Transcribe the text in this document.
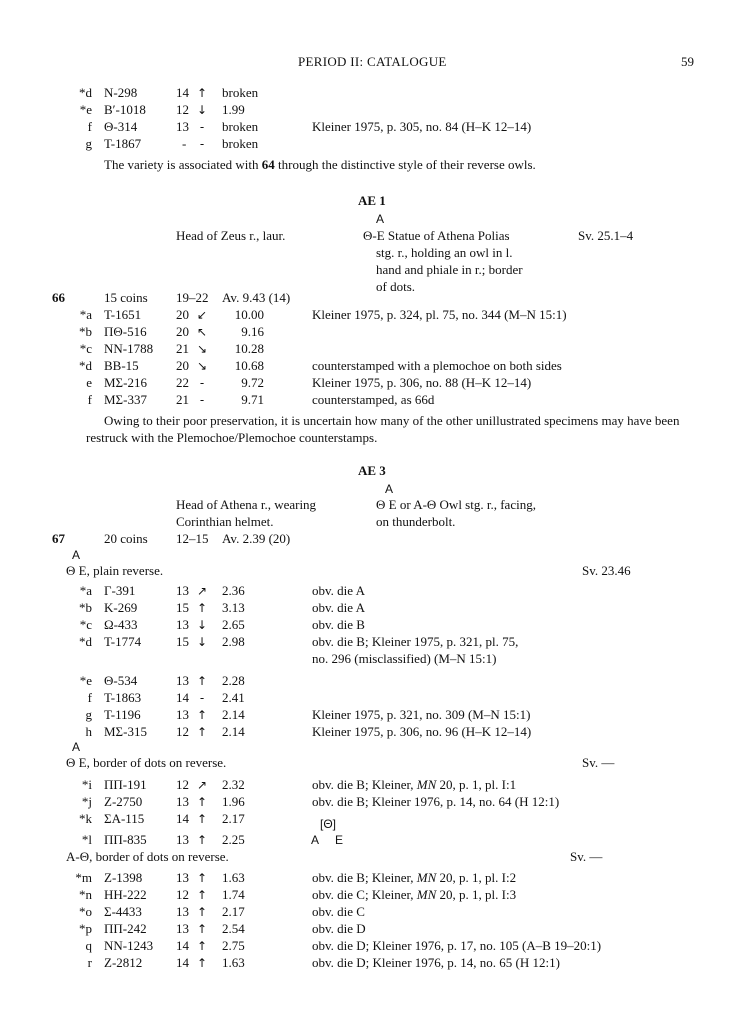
PERIOD II: CATALOGUE	59
*d N-298	14 ↑ broken
*e B′-1018 12 ↓ 1.99
f Θ-314	13 - broken	Kleiner 1975, p. 305, no. 84 (H–K 12–14)
g T-1867	-	- broken
The variety is associated with 64 through the distinctive style of their reverse owls.
AE 1
A
Head of Zeus r., laur.	Θ-E Statue of Athena Polias
stg. r., holding an owl in l.
hand and phiale in r.; border
of dots.
Sv. 25.1–4
66	15 coins 19–22 Av. 9.43 (14)
*a T-1651	20 ↙	10.00	Kleiner 1975, p. 324, pl. 75, no. 344 (M–N 15:1)
*b ΠΘ-516 20 ↖	9.16
*c NN-1788 21 ↘	10.28
*d BB-15	20 ↘	10.68	counterstamped with a plemochoe on both sides
e MΣ-216 22 -	9.72	Kleiner 1975, p. 306, no. 88 (H–K 12–14)
f MΣ-337 21 -	9.71	counterstamped, as 66d
Owing to their poor preservation, it is uncertain how many of the other unillustrated specimens may have been
restruck with the Plemochoe/Plemochoe counterstamps.
AE 3
A
Head of Athena r., wearing
Corinthian helmet.
Θ E or A-Θ Owl stg. r., facing,
on thunderbolt.
67	20 coins 12–15 Av. 2.39 (20)
A
Θ E, plain reverse.	Sv. 23.46
*a Γ-391	13 ↗ 2.36	obv. die A
*b K-269	15 ↑ 3.13	obv. die A
*c Ω-433	13 ↓ 2.65	obv. die B
*d T-1774	15 ↓ 2.98	obv. die B; Kleiner 1975, p. 321, pl. 75,
no. 296 (misclassified) (M–N 15:1)
*e Θ-534	13 ↑ 2.28
f T-1863	14 - 2.41
g T-1196	13 ↑ 2.14	Kleiner 1975, p. 321, no. 309 (M–N 15:1)
h MΣ-315 12 ↑ 2.14	Kleiner 1975, p. 306, no. 96 (H–K 12–14)
A
Θ E, border of dots on reverse.	Sv. —
*i ΠΠ-191 12 ↗ 2.32	obv. die B; Kleiner, MN 20, p. 1, pl. I:1
*j Z-2750	13 ↑ 1.96	obv. die B; Kleiner 1976, p. 14, no. 64 (H 12:1)
*k ΣA-115 14 ↑ 2.17	[Θ]
A     E
*l ΠΠ-835 13 ↑ 2.25
A-Θ, border of dots on reverse.	Sv. —
*m Z-1398	13 ↑ 1.63	obv. die B; Kleiner, MN 20, p. 1, pl. I:2
*n HH-222 12 ↑ 1.74	obv. die C; Kleiner, MN 20, p. 1, pl. I:3
*o Σ-4433	13 ↑ 2.17	obv. die C
*p ΠΠ-242 13 ↑ 2.54	obv. die D
q NN-1243 14 ↑ 2.75	obv. die D; Kleiner 1976, p. 17, no. 105 (A–B 19–20:1)
r Z-2812	14 ↑ 1.63	obv. die D; Kleiner 1976, p. 14, no. 65 (H 12:1)
